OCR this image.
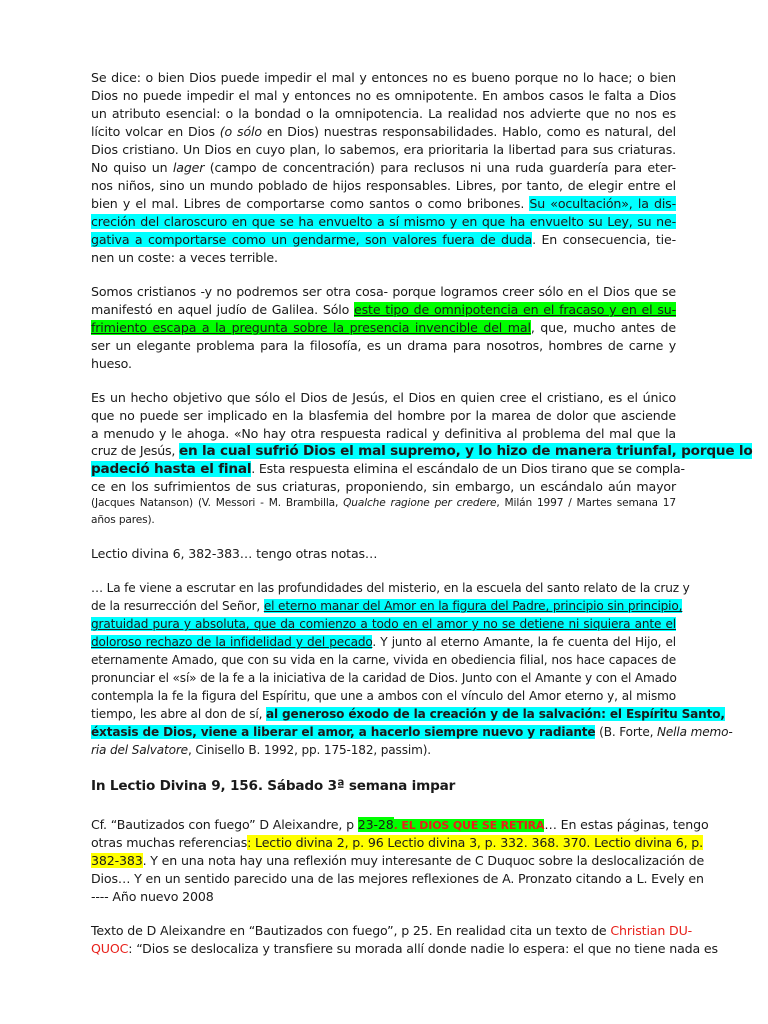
Se dice: o bien Dios puede impedir el mal y entonces no es bueno porque no lo hace; o bien
Dios no puede impedir el mal y entonces no es omnipotente. En ambos casos le falta a Dios
un atributo esencial: o la bondad o la omnipotencia. La realidad nos advierte que no nos es
lícito volcar en Dios (o sólo en Dios) nuestras responsabilidades. Hablo, como es natural, del
Dios cristiano. Un Dios en cuyo plan, lo sabemos, era prioritaria la libertad para sus criaturas.
No quiso un lager (campo de concentración) para reclusos ni una ruda guardería para eter-
nos niños, sino un mundo poblado de hijos responsables. Libres, por tanto, de elegir entre el
bien y el mal. Libres de comportarse como santos o como bribones. Su «ocultación», la dis-
creción del claroscuro en que se ha envuelto a sí mismo y en que ha envuelto su Ley, su ne-
gativa a comportarse como un gendarme, son valores fuera de duda. En consecuencia, tie-
nen un coste: a veces terrible.
Somos cristianos -y no podremos ser otra cosa- porque logramos creer sólo en el Dios que se
manifestó en aquel judío de Galilea. Sólo este tipo de omnipotencia en el fracaso y en el su-
frimiento escapa a la pregunta sobre la presencia invencible del mal, que, mucho antes de
ser un elegante problema para la filosofía, es un drama para nosotros, hombres de carne y
hueso.
Es un hecho objetivo que sólo el Dios de Jesús, el Dios en quien cree el cristiano, es el único
que no puede ser implicado en la blasfemia del hombre por la marea de dolor que asciende
a menudo y le ahoga. «No hay otra respuesta radical y definitiva al problema del mal que la
cruz de Jesús, en la cual sufrió Dios el mal supremo, y lo hizo de manera triunfal, porque lo
padeció hasta el final. Esta respuesta elimina el escándalo de un Dios tirano que se compla-
ce en los sufrimientos de sus criaturas, proponiendo, sin embargo, un escándalo aún mayor
(Jacques Natanson) (V. Messori - M. Brambilla, Qualche ragione per credere, Milán 1997 / Martes semana 17
años pares).
Lectio divina 6, 382-383… tengo otras notas…
… La fe viene a escrutar en las profundidades del misterio, en la escuela del santo relato de la cruz y
de la resurrección del Señor, el eterno manar del Amor en la figura del Padre, principio sin principio,
gratuidad pura y absoluta, que da comienzo a todo en el amor y no se detiene ni siquiera ante el
doloroso rechazo de la infidelidad y del pecado. Y junto al eterno Amante, la fe cuenta del Hijo, el
eternamente Amado, que con su vida en la carne, vivida en obediencia filial, nos hace capaces de
pronunciar el «sí» de la fe a la iniciativa de la caridad de Dios. Junto con el Amante y con el Amado
contempla la fe la figura del Espíritu, que une a ambos con el vínculo del Amor eterno y, al mismo
tiempo, les abre al don de sí, al generoso éxodo de la creación y de la salvación: el Espíritu Santo,
éxtasis de Dios, viene a liberar el amor, a hacerlo siempre nuevo y radiante (B. Forte, Nella memo-
ria del Salvatore, Cinisello B. 1992, pp. 175-182, passim).
In Lectio Divina 9, 156. Sábado 3ª semana impar
Cf. “Bautizados con fuego” D Aleixandre, p 23-28. EL DIOS QUE SE RETIRA… En estas páginas, tengo
otras muchas referencias: Lectio divina 2, p. 96 Lectio divina 3, p. 332. 368. 370. Lectio divina 6, p.
382-383. Y en una nota hay una reflexión muy interesante de C Duquoc sobre la deslocalización de
Dios… Y en un sentido parecido una de las mejores reflexiones de A. Pronzato citando a L. Evely en
---- Año nuevo 2008
Texto de D Aleixandre en “Bautizados con fuego”, p 25. En realidad cita un texto de Christian DU-
QUOC: “Dios se deslocaliza y transfiere su morada allí donde nadie lo espera: el que no tiene nada es
